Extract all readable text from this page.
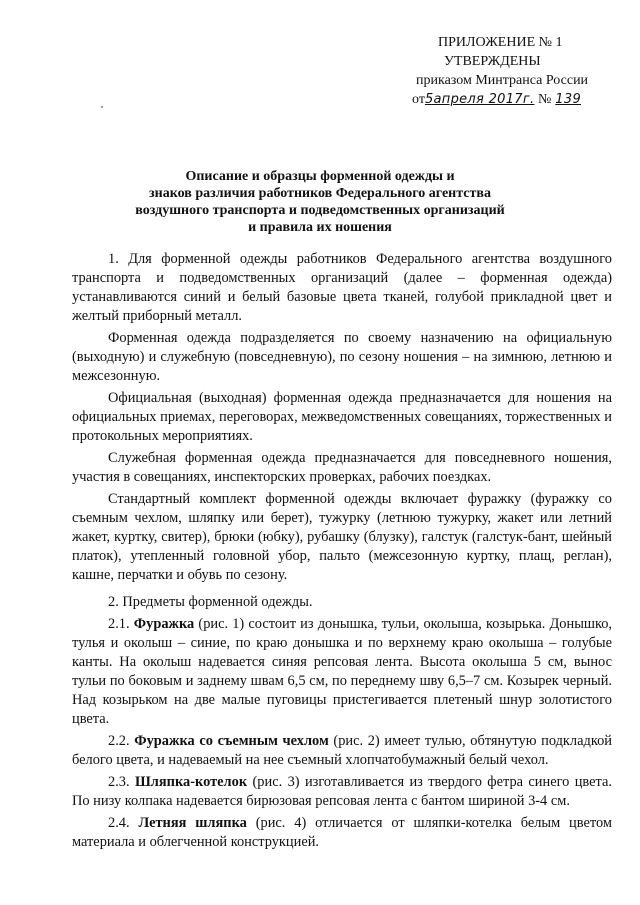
ПРИЛОЖЕНИЕ № 1
УТВЕРЖДЕНЫ
приказом Минтранса России
от5апреля 2017г. № 139
Описание и образцы форменной одежды и
знаков различия работников Федерального агентства
воздушного транспорта и подведомственных организаций
и правила их ношения

1. Для форменной одежды работников Федерального агентства воздушного транспорта и подведомственных организаций (далее – форменная одежда) устанавливаются синий и белый базовые цвета тканей, голубой прикладной цвет и желтый приборный металл.

Форменная одежда подразделяется по своему назначению на официальную (выходную) и служебную (повседневную), по сезону ношения – на зимнюю, летнюю и межсезонную.

Официальная (выходная) форменная одежда предназначается для ношения на официальных приемах, переговорах, межведомственных совещаниях, торжественных и протокольных мероприятиях.

Служебная форменная одежда предназначается для повседневного ношения, участия в совещаниях, инспекторских проверках, рабочих поездках.

Стандартный комплект форменной одежды включает фуражку (фуражку со съемным чехлом, шляпку или берет), тужурку (летнюю тужурку, жакет или летний жакет, куртку, свитер), брюки (юбку), рубашку (блузку), галстук (галстук-бант, шейный платок), утепленный головной убор, пальто (межсезонную куртку, плащ, реглан), кашне, перчатки и обувь по сезону.

2. Предметы форменной одежды.

2.1. Фуражка (рис. 1) состоит из донышка, тульи, околыша, козырька. Донышко, тулья и околыш – синие, по краю донышка и по верхнему краю околыша – голубые канты. На околыш надевается синяя репсовая лента. Высота околыша 5 см, вынос тульи по боковым и заднему швам 6,5 см, по переднему шву 6,5–7 см. Козырек черный. Над козырьком на две малые пуговицы пристегивается плетеный шнур золотистого цвета.

2.2. Фуражка со съемным чехлом (рис. 2) имеет тулью, обтянутую подкладкой белого цвета, и надеваемый на нее съемный хлопчатобумажный белый чехол.

2.3. Шляпка-котелок (рис. 3) изготавливается из твердого фетра синего цвета. По низу колпака надевается бирюзовая репсовая лента с бантом шириной 3-4 см.

2.4. Летняя шляпка (рис. 4) отличается от шляпки-котелка белым цветом материала и облегченной конструкцией.
